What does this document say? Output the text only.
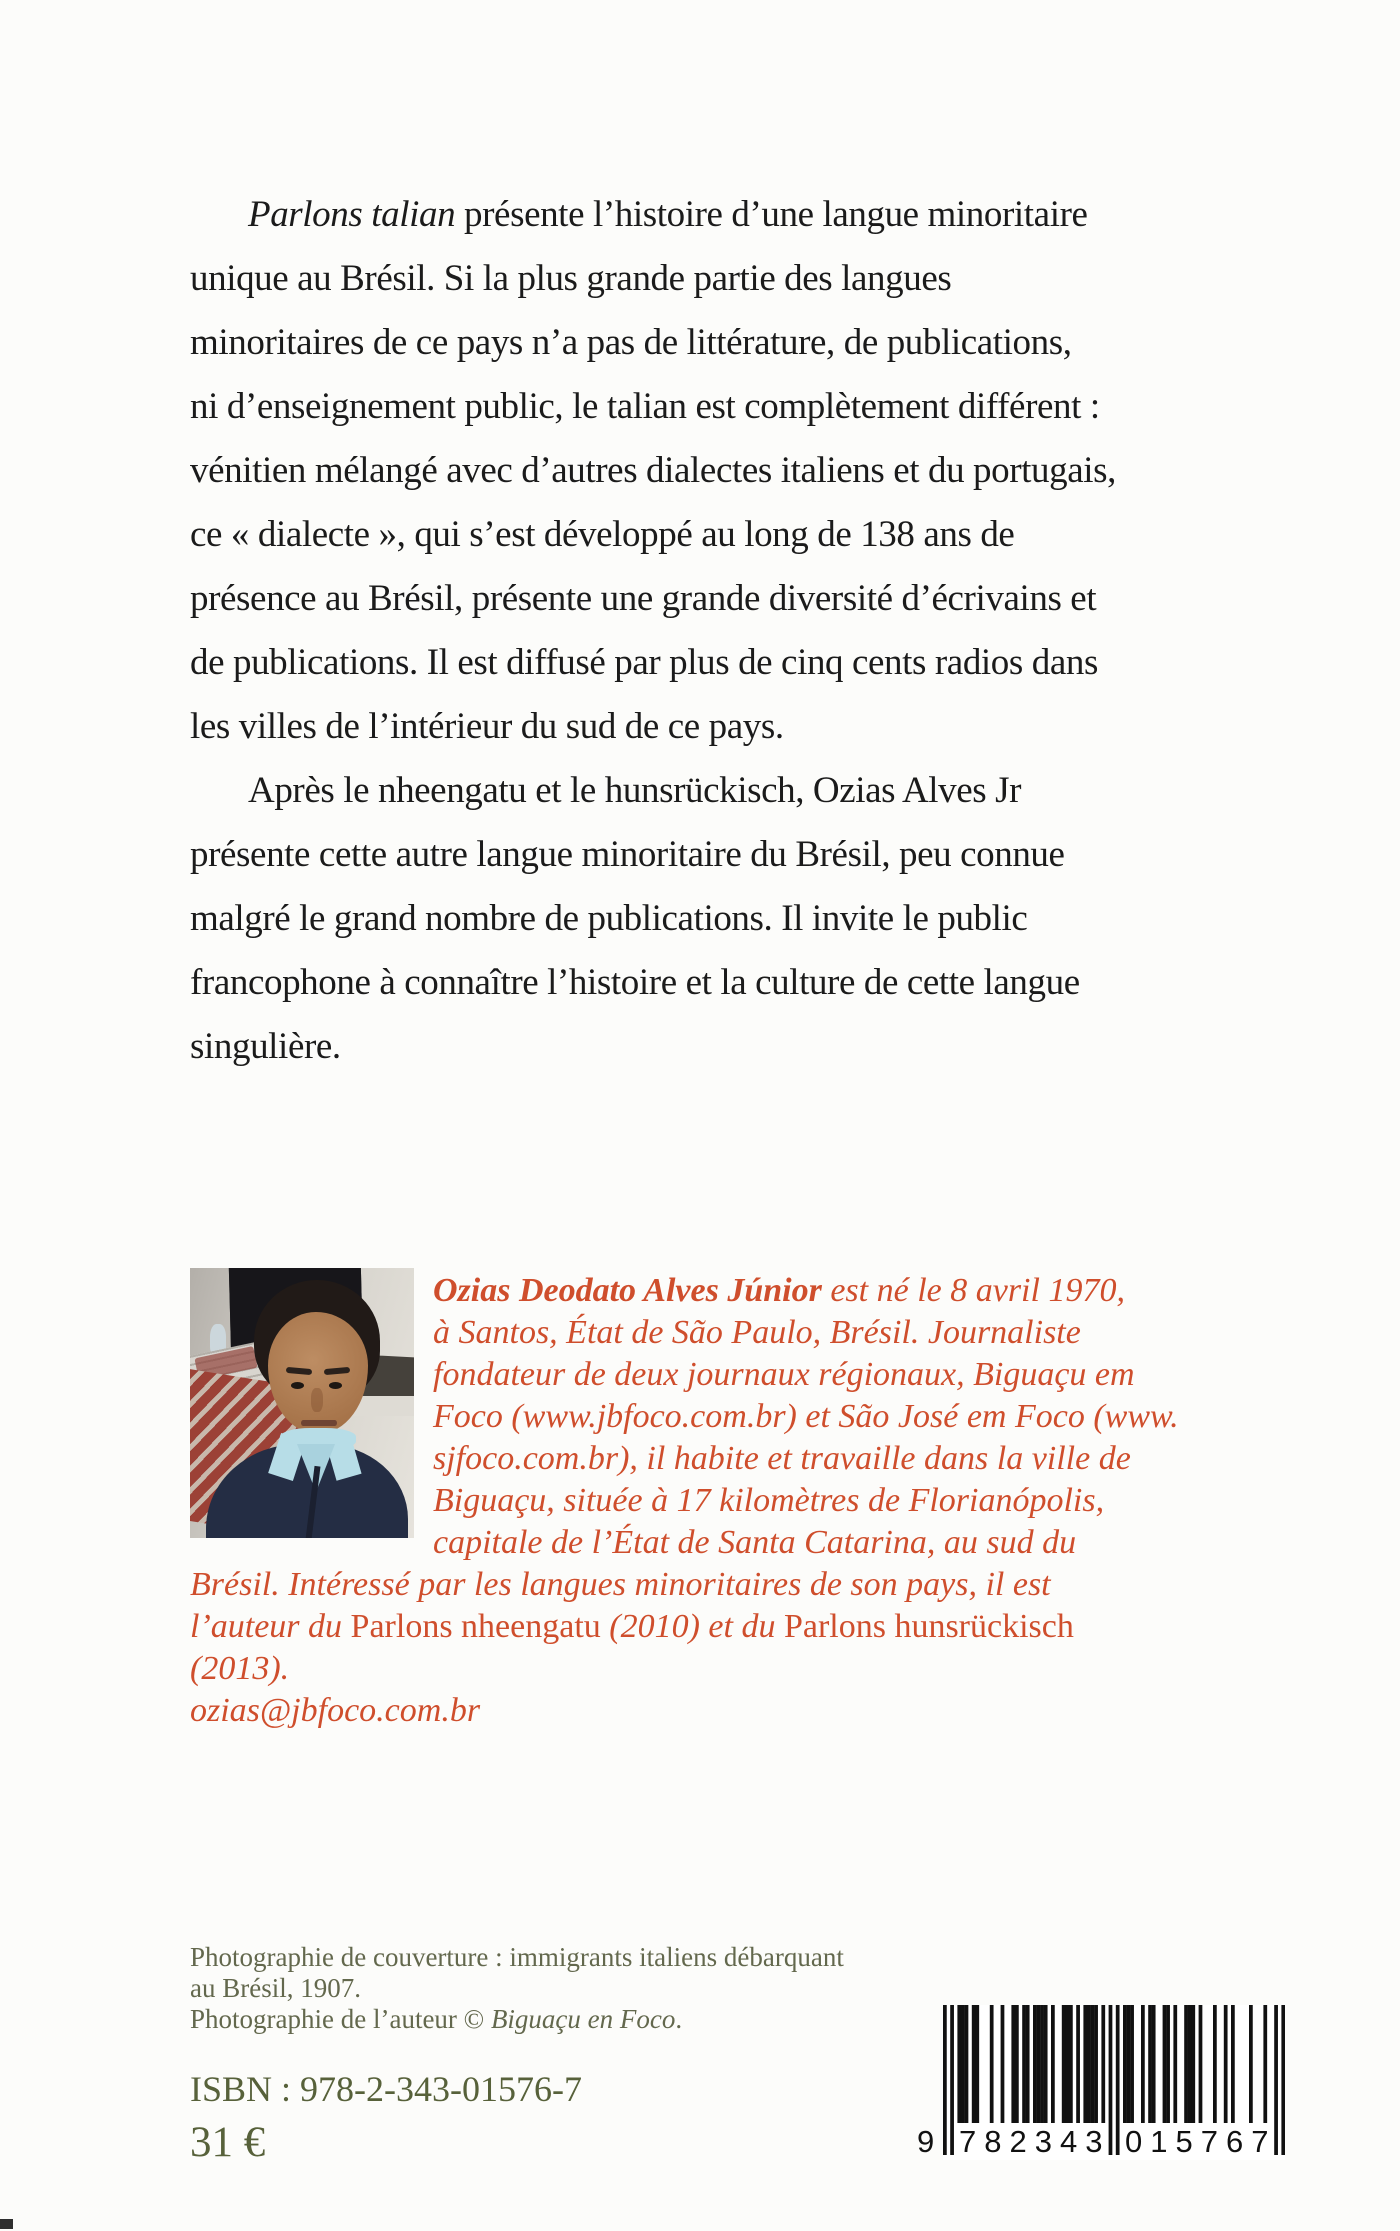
Parlons talian présente l’histoire d’une langue minoritaire
unique au Brésil. Si la plus grande partie des langues
minoritaires de ce pays n’a pas de littérature, de publications,
ni d’enseignement public, le talian est complètement différent :
vénitien mélangé avec d’autres dialectes italiens et du portugais,
ce « dialecte », qui s’est développé au long de 138 ans de
présence au Brésil, présente une grande diversité d’écrivains et
de publications. Il est diffusé par plus de cinq cents radios dans
les villes de l’intérieur du sud de ce pays.
Après le nheengatu et le hunsrückisch, Ozias Alves Jr
présente cette autre langue minoritaire du Brésil, peu connue
malgré le grand nombre de publications. Il invite le public
francophone à connaître l’histoire et la culture de cette langue
singulière.
Ozias Deodato Alves Júnior est né le 8 avril 1970,
à Santos, État de São Paulo, Brésil. Journaliste
fondateur de deux journaux régionaux, Biguaçu em
Foco (www.jbfoco.com.br) et São José em Foco (www.
sjfoco.com.br), il habite et travaille dans la ville de
Biguaçu, située à 17 kilomètres de Florianópolis,
capitale de l’État de Santa Catarina, au sud du
Brésil. Intéressé par les langues minoritaires de son pays, il est
l’auteur du Parlons nheengatu (2010) et du Parlons hunsrückisch
(2013).
ozias@jbfoco.com.br
Photographie de couverture : immigrants italiens débarquant
au Brésil, 1907.
Photographie de l’auteur © Biguaçu en Foco.
ISBN : 978-2-343-01576-7
31 €	9 782343 015767
